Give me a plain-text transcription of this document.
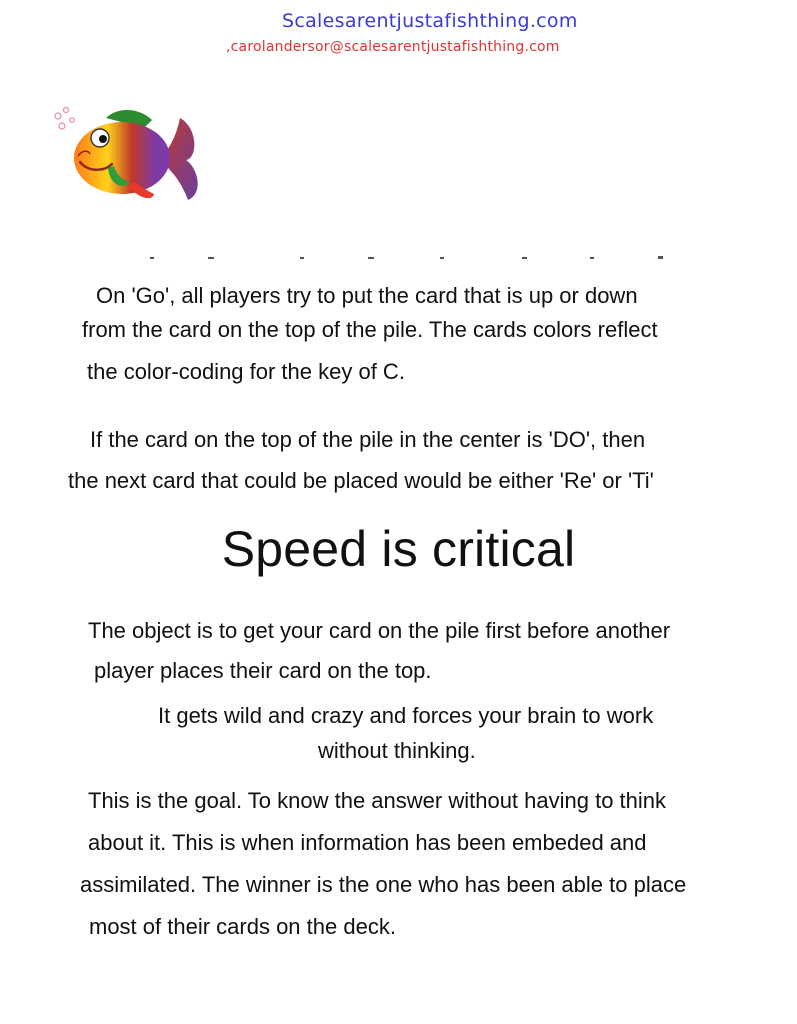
Scalesarentjustafishthing.com
,carolandersor@scalesarentjustafishthing.com
On 'Go', all players try to put the card that is up or down
from the card on the top of the pile. The cards colors reflect
the color-coding for the key of C.
If the card on the top of the pile in the center is 'DO', then
the next card that could be placed would be either 'Re' or 'Ti'
Speed is critical
The object is to get your card on the pile first before another
player places their card on the top.
It gets wild and crazy and forces your brain to work
without thinking.
This is the goal. To know the answer without having to think
about it. This is when information has been embeded and
assimilated. The winner is the one who has been able to place
most of their cards on the deck.
